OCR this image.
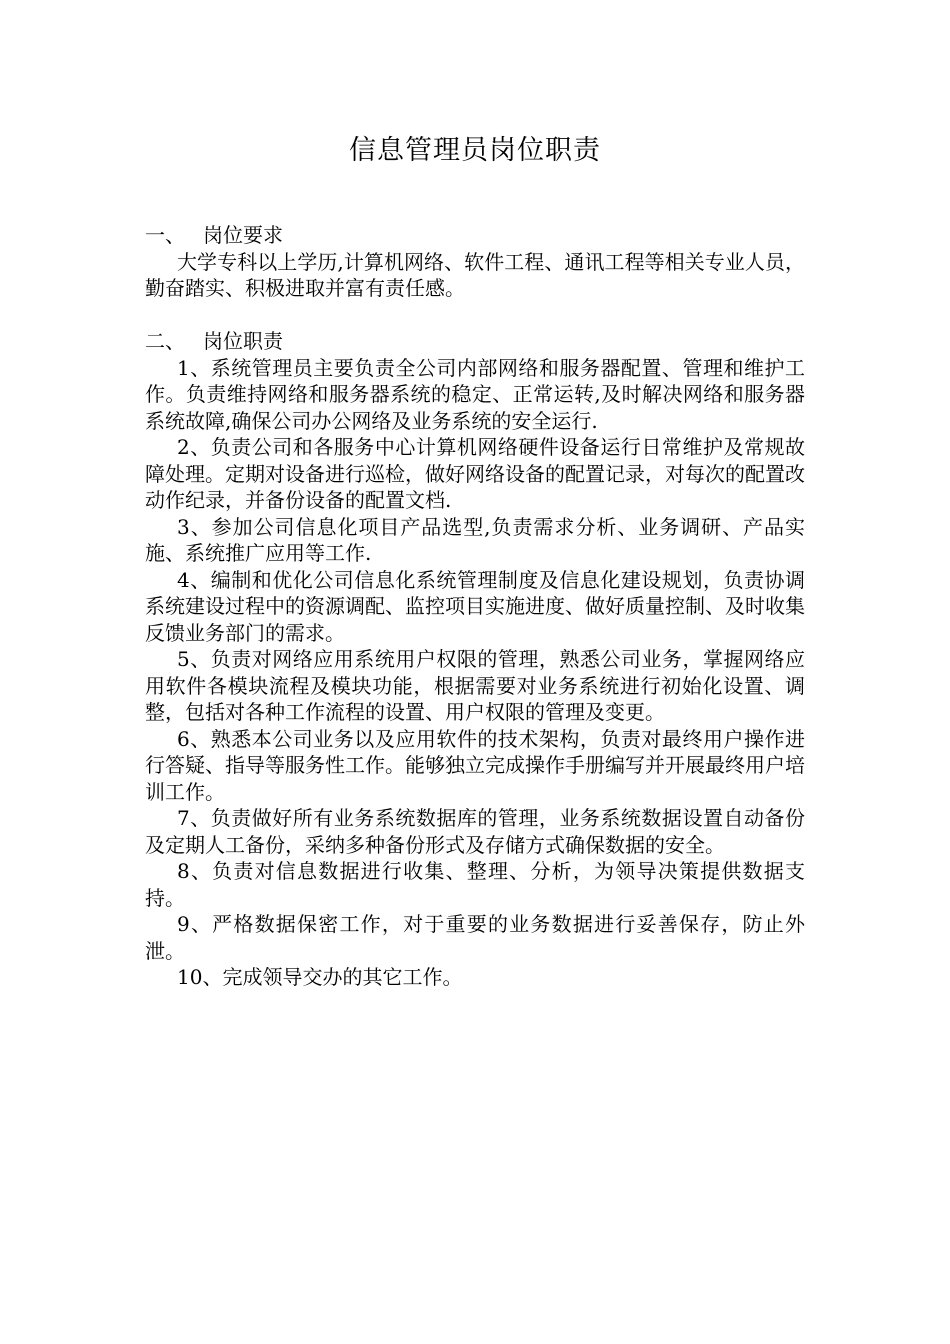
信息管理员岗位职责

一、 岗位要求

大学专科以上学历,计算机网络、软件工程、通讯工程等相关专业人员，勤奋踏实、积极进取并富有责任感。

二、 岗位职责

1、系统管理员主要负责全公司内部网络和服务器配置、管理和维护工作。负责维持网络和服务器系统的稳定、正常运转,及时解决网络和服务器系统故障,确保公司办公网络及业务系统的安全运行.

2、负责公司和各服务中心计算机网络硬件设备运行日常维护及常规故障处理。定期对设备进行巡检，做好网络设备的配置记录，对每次的配置改动作纪录，并备份设备的配置文档.

3、参加公司信息化项目产品选型,负责需求分析、业务调研、产品实施、系统推广应用等工作.

4、编制和优化公司信息化系统管理制度及信息化建设规划，负责协调系统建设过程中的资源调配、监控项目实施进度、做好质量控制、及时收集反馈业务部门的需求。

5、负责对网络应用系统用户权限的管理，熟悉公司业务，掌握网络应用软件各模块流程及模块功能，根据需要对业务系统进行初始化设置、调整，包括对各种工作流程的设置、用户权限的管理及变更。

6、熟悉本公司业务以及应用软件的技术架构，负责对最终用户操作进行答疑、指导等服务性工作。能够独立完成操作手册编写并开展最终用户培训工作。

7、负责做好所有业务系统数据库的管理，业务系统数据设置自动备份及定期人工备份，采纳多种备份形式及存储方式确保数据的安全。

8、负责对信息数据进行收集、整理、分析，为领导决策提供数据支持。

9、严格数据保密工作，对于重要的业务数据进行妥善保存，防止外泄。

10、完成领导交办的其它工作。
